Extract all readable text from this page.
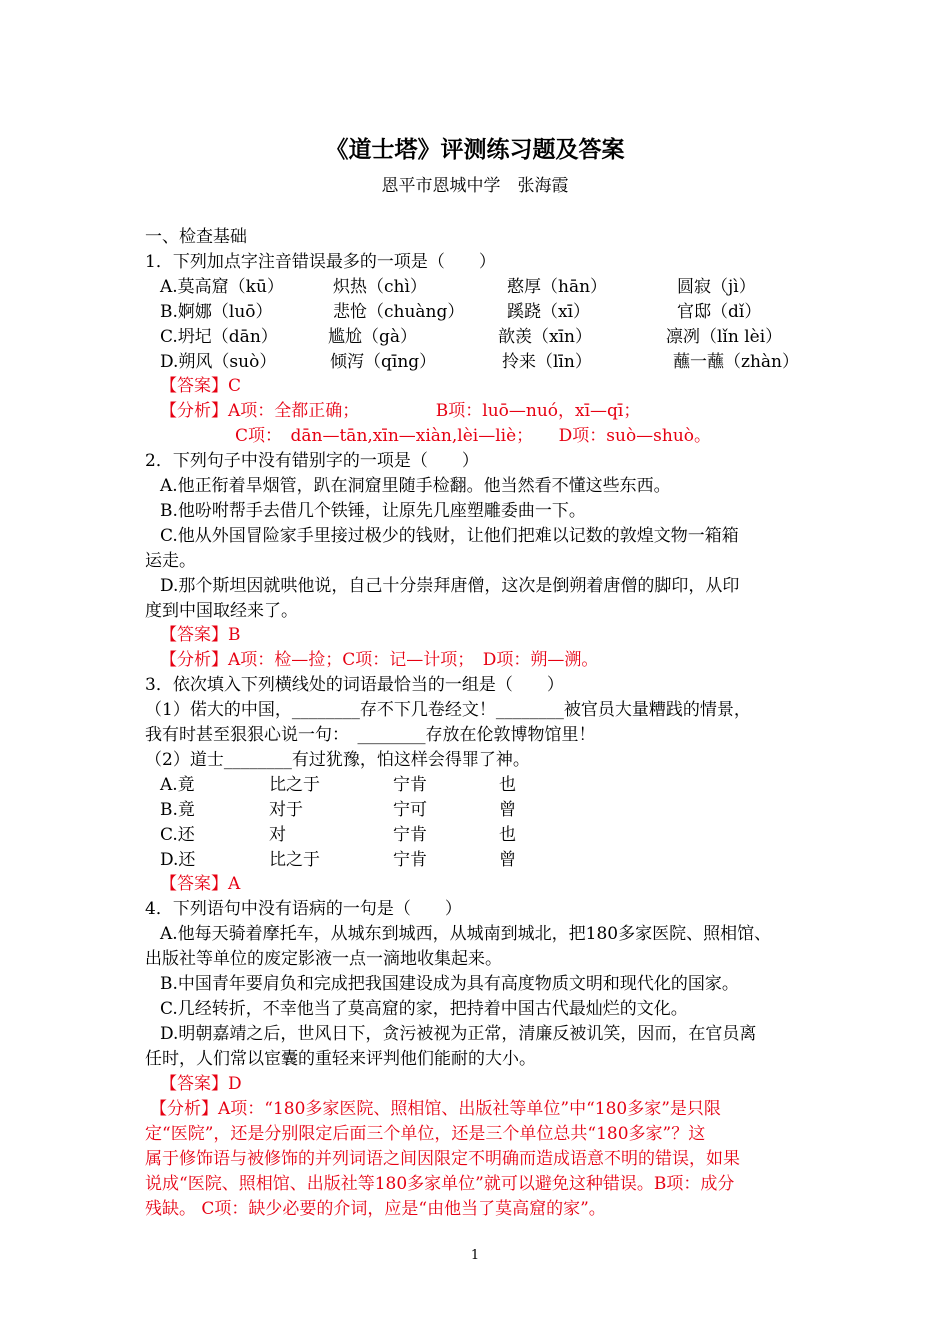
《道士塔》评测练习题及答案
恩平市恩城中学　张海霞
一、检查基础
1．下列加点字注音错误最多的一项是（　　）
A.莫高窟（kū）	炽热（chì）	憨厚（hān）	圆寂（jì）
B.婀娜（luō）	悲怆（chuàng）	蹊跷（xī）	官邸（dǐ）
C.坍圮（dān）	尴尬（gà）	歆羡（xīn）	凛冽（lǐn lèi）
D.朔风（suò）	倾泻（qīng）	拎来（līn）	蘸一蘸（zhàn）
【答案】C
【分析】A项：全都正确；　　　　　B项：luō—nuó，xī—qī；
C项：　dān—tān,xīn—xiàn,lèi—liè；　　D项：suò—shuò。
2．下列句子中没有错别字的一项是（　　）
A.他正衔着旱烟管，趴在洞窟里随手检翻。他当然看不懂这些东西。
B.他吩咐帮手去借几个铁锤，让原先几座塑雕委曲一下。
C.他从外国冒险家手里接过极少的钱财，让他们把难以记数的敦煌文物一箱箱
运走。
D.那个斯坦因就哄他说，自己十分崇拜唐僧，这次是倒朔着唐僧的脚印，从印
度到中国取经来了。
【答案】B
【分析】A项：检—捡；C项：记—计项；　D项：朔—溯。
3．依次填入下列横线处的词语最恰当的一组是（　　）
（1）偌大的中国，________存不下几卷经文！________被官员大量糟践的情景，
我有时甚至狠狠心说一句：　________存放在伦敦博物馆里！
（2）道士________有过犹豫，怕这样会得罪了神。
A.竟	比之于	宁肯	也
B.竟	对于	宁可	曾
C.还	对	宁肯	也
D.还	比之于	宁肯	曾
【答案】A
4．下列语句中没有语病的一句是（　　）
A.他每天骑着摩托车，从城东到城西，从城南到城北，把180多家医院、照相馆、
出版社等单位的废定影液一点一滴地收集起来。
B.中国青年要肩负和完成把我国建设成为具有高度物质文明和现代化的国家。
C.几经转折，不幸他当了莫高窟的家，把持着中国古代最灿烂的文化。
D.明朝嘉靖之后，世风日下，贪污被视为正常，清廉反被讥笑，因而，在官员离
任时，人们常以宦囊的重轻来评判他们能耐的大小。
【答案】D
【分析】A项：“180多家医院、照相馆、出版社等单位”中“180多家”是只限
定“医院”，还是分别限定后面三个单位，还是三个单位总共“180多家”？这
属于修饰语与被修饰的并列词语之间因限定不明确而造成语意不明的错误，如果
说成“医院、照相馆、出版社等180多家单位”就可以避免这种错误。B项：成分
残缺。 C项：缺少必要的介词，应是“由他当了莫高窟的家”。
1
